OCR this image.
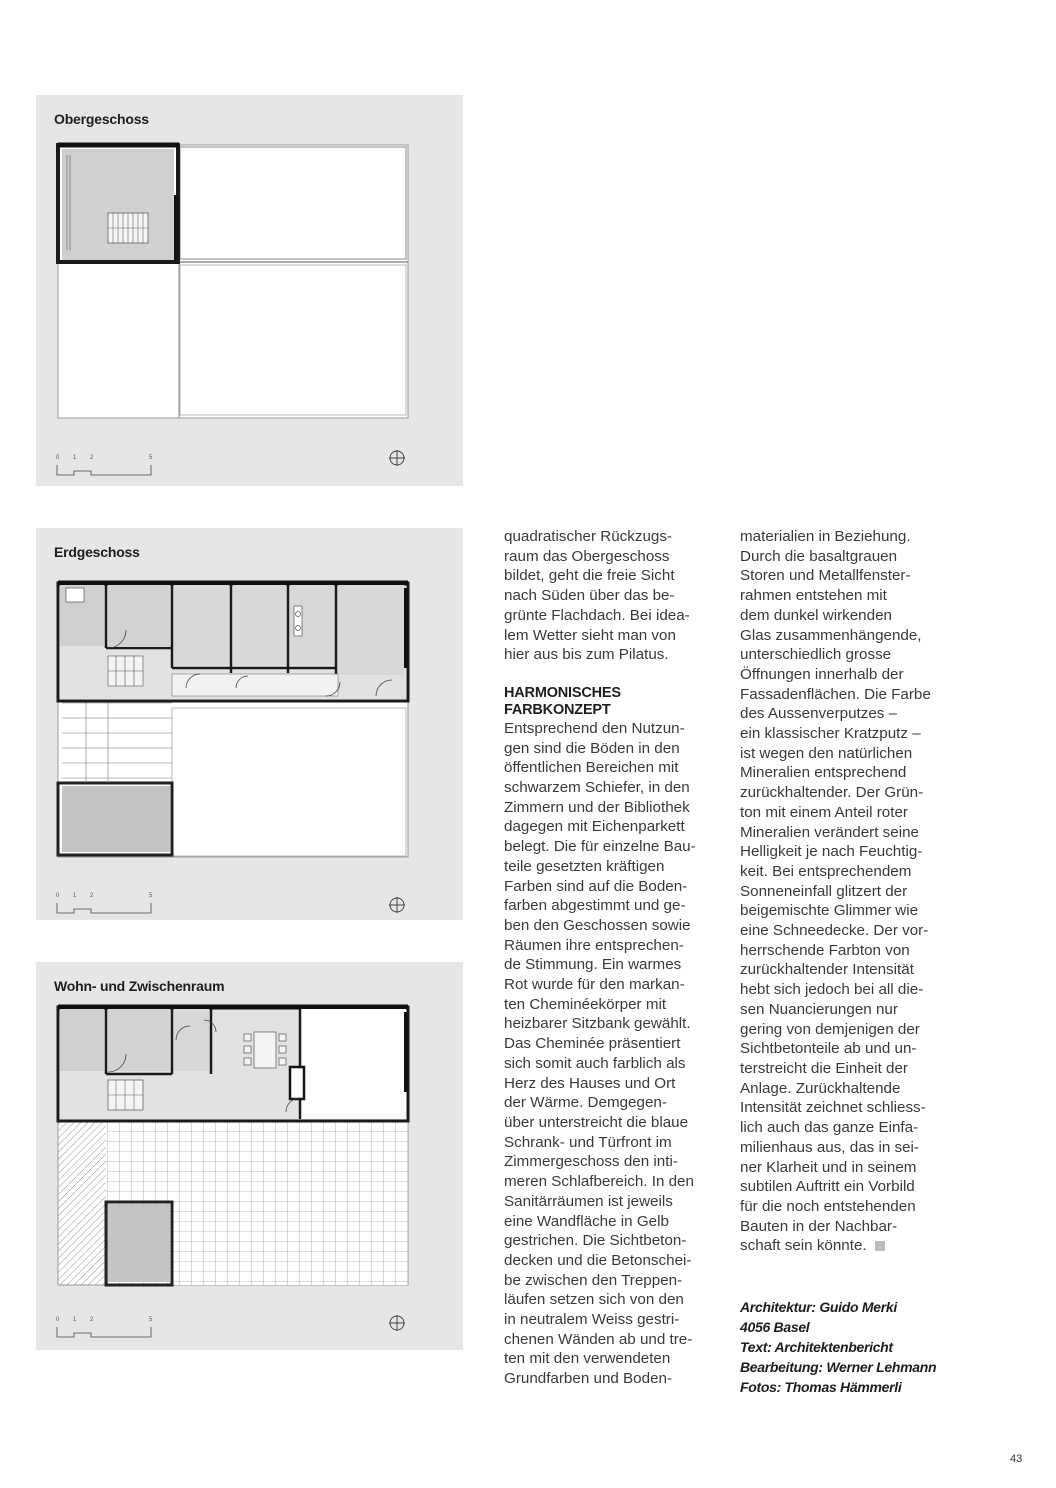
Obergeschoss
0 1 2	5
Erdgeschoss
0 1 2	5
Wohn- und Zwischenraum
0 1 2	5

quadratischer Rückzugs-

raum das Obergeschoss

bildet, geht die freie Sicht

nach Süden über das be-

grünte Flachdach. Bei idea-

lem Wetter sieht man von

hier aus bis zum Pilatus.

HARMONISCHES
FARBKONZEPT

Entsprechend den Nutzun-

gen sind die Böden in den

öffentlichen Bereichen mit

schwarzem Schiefer, in den

Zimmern und der Bibliothek

dagegen mit Eichenparkett

belegt. Die für einzelne Bau-

teile gesetzten kräftigen

Farben sind auf die Boden-

farben abgestimmt und ge-

ben den Geschossen sowie

Räumen ihre entsprechen-

de Stimmung. Ein warmes

Rot wurde für den markan-

ten Cheminéekörper mit

heizbarer Sitzbank gewählt.

Das Cheminée präsentiert

sich somit auch farblich als

Herz des Hauses und Ort

der Wärme. Demgegen-

über unterstreicht die blaue

Schrank- und Türfront im

Zimmergeschoss den inti-

meren Schlafbereich. In den

Sanitärräumen ist jeweils

eine Wandfläche in Gelb

gestrichen. Die Sichtbeton-

decken und die Betonschei-

be zwischen den Treppen-

läufen setzen sich von den

in neutralem Weiss gestri-

chenen Wänden ab und tre-

ten mit den verwendeten

Grundfarben und Boden-

materialien in Beziehung.

Durch die basaltgrauen

Storen und Metallfenster-

rahmen entstehen mit

dem dunkel wirkenden

Glas zusammenhängende,

unterschiedlich grosse

Öffnungen innerhalb der

Fassadenflächen. Die Farbe

des Aussenverputzes –

ein klassischer Kratzputz –

ist wegen den natürlichen

Mineralien entsprechend

zurückhaltender. Der Grün-

ton mit einem Anteil roter

Mineralien verändert seine

Helligkeit je nach Feuchtig-

keit. Bei entsprechendem

Sonneneinfall glitzert der

beigemischte Glimmer wie

eine Schneedecke. Der vor-

herrschende Farbton von

zurückhaltender Intensität

hebt sich jedoch bei all die-

sen Nuancierungen nur

gering von demjenigen der

Sichtbetonteile ab und un-

terstreicht die Einheit der

Anlage. Zurückhaltende

Intensität zeichnet schliess-

lich auch das ganze Einfa-

milienhaus aus, das in sei-

ner Klarheit und in seinem

subtilen Auftritt ein Vorbild

für die noch entstehenden

Bauten in der Nachbar-

schaft sein könnte.

Architektur: Guido Merki
4056 Basel
Text: Architektenbericht
Bearbeitung: Werner Lehmann
Fotos: Thomas Hämmerli
43
